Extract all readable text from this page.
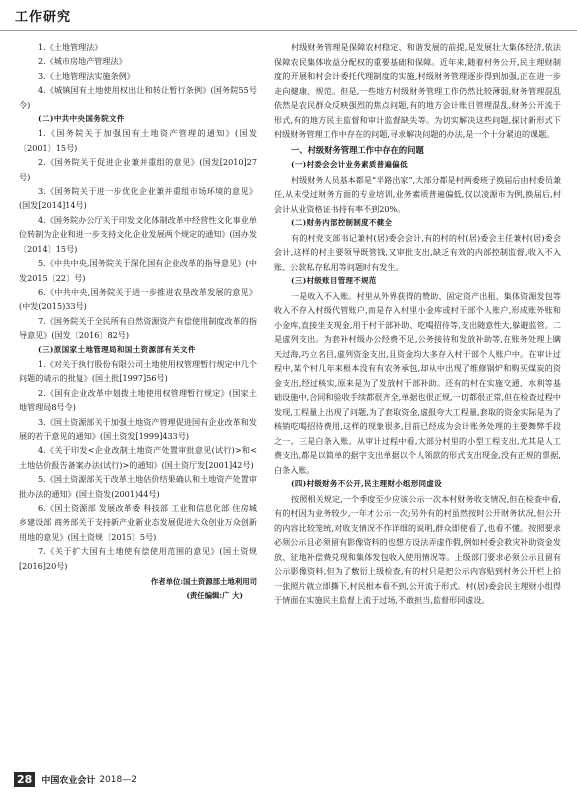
工作研究

1.《土地管理法》

2.《城市房地产管理法》

3.《土地管理法实施条例》

4.《城镇国有土地使用权出让和转让暂行条例》(国务院55号令)

(二)中共中央国务院文件

1.《国务院关于加强国有土地资产管理的通知》(国发〔2001〕15号)

2.《国务院关于促进企业兼并重组的意见》(国发[2010]27号)

3.《国务院关于进一步优化企业兼并重组市场环境的意见》(国发[2014]14号)

4.《国务院办公厅关于印发文化体制改革中经营性文化事业单位转制为企业和进一步支持文化企业发展两个规定的通知》(国办发〔2014〕15号)

5.《中共中央,国务院关于深化国有企业改革的指导意见》(中发2015〔22〕号)

6.《中共中央,国务院关于进一步推进农垦改革发展的意见》(中发(2015)33号)

7.《国务院关于全民所有自然资源资产有偿使用制度改革的指导意见》(国发〔2016〕82号)

(三)原国家土地管理局和国土资源部有关文件

1.《对关于执行股份有限公司土地使用权管理暂行规定中几个问题的请示的批复》(国土批[1997]56号)

2.《国有企业改革中划拨土地使用权管理暂行规定》(国家土地管理局8号令)

3.《国土资源部关于加强土地资产管理促进国有企业改革和发展的若干意见的通知》(国土资发[1999]433号)

4.《关于印发<企业改制土地资产处置审批意见(试行)>和<土地估价报告备案办法(试行)>的通知》(国土资厅发[2001]42号)

5.《国土资源部关于改革土地估价结果确认和土地资产处置审批办法的通知》(国土资发(2001)44号)

6.《国土资源部 发展改革委 科技部 工业和信息化部 住房城乡建设部 商务部关于支持新产业新业态发展促进大众创业万众创新用地的意见》(国土资规〔2015〕5号)

7.《关于扩大国有土地使有偿使用范围的意见》(国土资规[2016]20号)

作者单位:国土资源部土地利用司

(责任编辑:广 大)

村级财务管理是保障农村稳定、和谐发展的前提,是发展壮大集体经济,依法保障农民集体收益分配权的重要基础和保障。近年来,随着村务公开,民主理财制度的开展和村会计委托代理制度的实施,村级财务管理逐步得到加强,正在进一步走向健康、规范。但是,一些地方村级财务管理工作仍然比较薄弱,财务管理混乱依然是农民群众反映强烈的焦点问题,有的地方会计账目管理混乱,财务公开流于形式,有的地方民主监督和审计监督缺失等。为切实解决这些问题,探讨新形式下村级财务管理工作中存在的问题,寻求解决问题的办法,是一个十分紧迫的课题。

一、村级财务管理工作中存在的问题

(一)村委会会计业务素质普遍偏低

村级财务人员基本都是“半路出家”,大部分都是村两委班子换届后由村委员兼任,从未受过财务方面的专业培训,业务素质普遍偏低,仅以凌源市为例,换届后,村会计从业资格证书持有率不到20%。

(二)财务内部控制制度不健全

有的村党支部书记兼村(居)委会会计,有的村的村(居)委会主任兼村(居)委会会计,这样的村主要领导既管钱,又审批支出,缺乏有效的内部控制监督,收入不入账、公款私存私用等问题时有发生。

(三)村级账目管理不规范

一是收入不入账。村里从外界获得的赞助、固定资产出租、集体资源发包等收入不存入村级代管账户,而是存入村里小金库或村干部个人账户,形成账外账和小金库,直接坐支现金,用于村干部补助、吃喝招待等,支出随意性大,躲避监管。二是虚列支出。为套补村级办公经费不足,公务接待和发放补助等,在账务处理上瞒天过海,巧立名目,虚列资金支出,且资金均大多存入村干部个人账户中。在审计过程中,某个村几年来根本没有有农务承包,却从中出现了维修锅炉和购买煤炭的资金支出,经过核实,原来是为了发放村干部补助。还有的村在实施交通、水利等基础设施中,合同和验收手续都很齐全,单据也很正规,一切都很正常,但在检查过程中发现,工程量上出现了问题,为了套取资金,虚报夸大工程量,套取的资金实际是为了核销吃喝招待费用,这样的现象很多,目前已经成为会计账务处理的主要舞弊手段之一。三是白条入账。从审计过程中看,大部分村里的小型工程支出,尤其是人工费支出,都是以简单的据字支出单据以个人领款的形式支出现金,没有正规的票据,白条入账。

(四)村级财务不公开,民主理财小组形同虚设

按照相关规定,一个季度至少应该公示一次本村财务收支情况,但在检查中看,有的村因为业务较少,一年才公示一次;另外有的村虽然按时公开财务状况,但公开的内容比较笼统,对收支情况不作详细的说明,群众即使看了,也看不懂。按照要求必须公示且必须留有影像资料的也想方设法弄虚作假,例如村委会救灾补助资金发放、征地补偿费兑现和集体发包收入使用情况等。上级部门要求必须公示且留有公示影像资料,但为了敷衍上级检查,有的村只是把公示内容贴到村务公开栏上拍一张照片就立即撕下,村民根本看不到,公开流于形式。村(居)委会民主理财小组得于情面在实施民主监督上流于过场,不敢担当,监督形同虚设。

28	中国农业会计 2018—2
